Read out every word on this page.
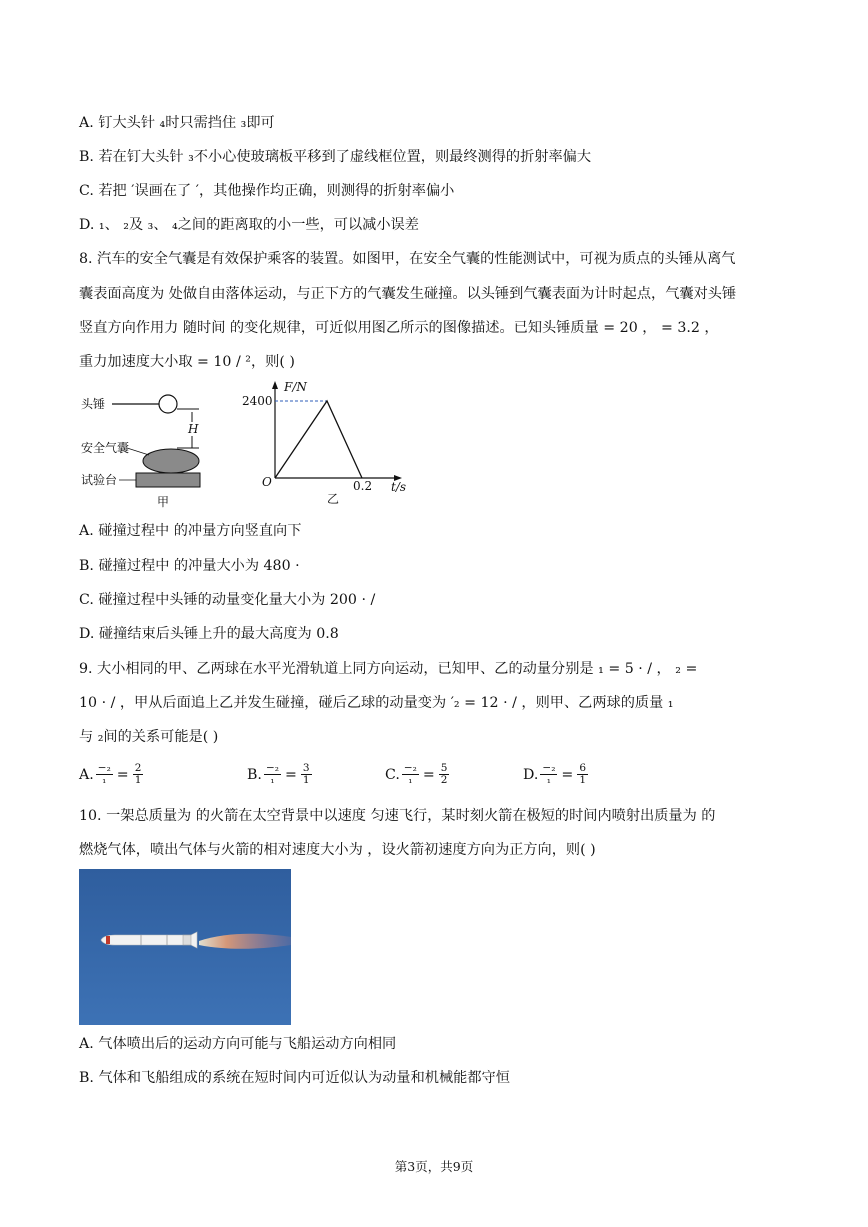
A. 钉大头针 ₄时只需挡住 ₃即可
B. 若在钉大头针 ₃不小心使玻璃板平移到了虚线框位置，则最终测得的折射率偏大
C. 若把 ′误画在了 ′，其他操作均正确，则测得的折射率偏小
D. ₁、 ₂及 ₃、 ₄之间的距离取的小一些，可以减小误差
8. 汽车的安全气囊是有效保护乘客的装置。如图甲，在安全气囊的性能测试中，可视为质点的头锤从离气
囊表面高度为 处做自由落体运动，与正下方的气囊发生碰撞。以头锤到气囊表面为计时起点，气囊对头锤
竖直方向作用力 随时间 的变化规律，可近似用图乙所示的图像描述。已知头锤质量 = 20 ， = 3.2 ，
重力加速度大小取 = 10 / ²，则( )
头锤
H
安全气囊
试验台
甲
F/N
t/s
O
2400
0.2
乙
A. 碰撞过程中 的冲量方向竖直向下
B. 碰撞过程中 的冲量大小为 480 ·
C. 碰撞过程中头锤的动量变化量大小为 200 · /
D. 碰撞结束后头锤上升的最大高度为 0.8
9. 大小相同的甲、乙两球在水平光滑轨道上同方向运动，已知甲、乙的动量分别是 ₁ = 5 · / ， ₂ =
10 · / ，甲从后面追上乙并发生碰撞，碰后乙球的动量变为 ′₂ = 12 · / ，则甲、乙两球的质量 ₁
与 ₂间的关系可能是( )
A. $\frac{\text{−₂}}{\text{₁}} = \frac{2}{1}$	B. $\frac{\text{−₂}}{\text{₁}} = \frac{3}{1}$	C. $\frac{\text{−₂}}{\text{₁}} = \frac{5}{2}$	D. $\frac{\text{−₂}}{\text{₁}} = \frac{6}{1}$
10. 一架总质量为 的火箭在太空背景中以速度 匀速飞行，某时刻火箭在极短的时间内喷射出质量为 的
燃烧气体，喷出气体与火箭的相对速度大小为 ，设火箭初速度方向为正方向，则( )
A. 气体喷出后的运动方向可能与飞船运动方向相同
B. 气体和飞船组成的系统在短时间内可近似认为动量和机械能都守恒
第3页，共9页
